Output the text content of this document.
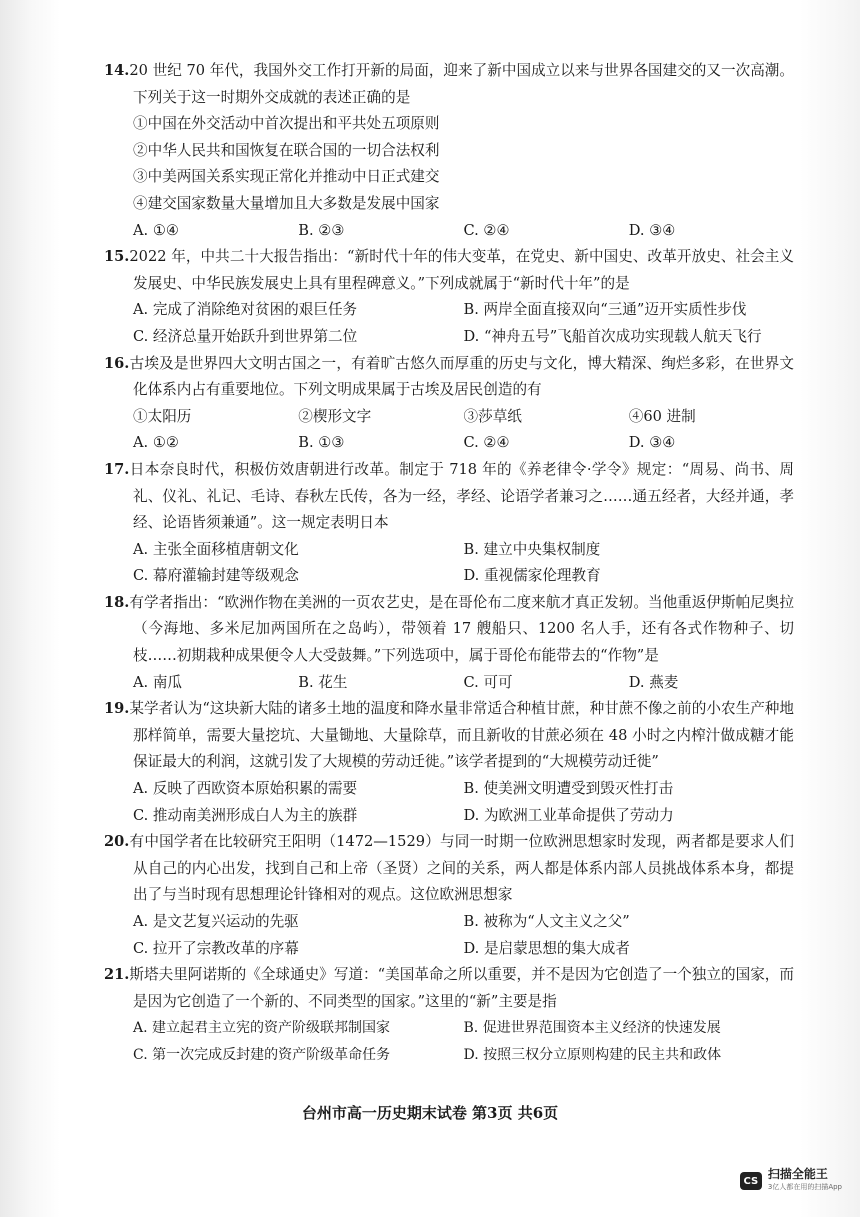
14.20 世纪 70 年代，我国外交工作打开新的局面，迎来了新中国成立以来与世界各国建交的又一次高潮。下列关于这一时期外交成就的表述正确的是

①中国在外交活动中首次提出和平共处五项原则

②中华人民共和国恢复在联合国的一切合法权利

③中美两国关系实现正常化并推动中日正式建交

④建交国家数量大量增加且大多数是发展中国家

A. ①④	B. ②③	C. ②④	D. ③④

15.2022 年，中共二十大报告指出：“新时代十年的伟大变革，在党史、新中国史、改革开放史、社会主义发展史、中华民族发展史上具有里程碑意义。”下列成就属于“新时代十年”的是

A. 完成了消除绝对贫困的艰巨任务	B. 两岸全面直接双向“三通”迈开实质性步伐
C. 经济总量开始跃升到世界第二位	D. “神舟五号”飞船首次成功实现载人航天飞行

16.古埃及是世界四大文明古国之一，有着旷古悠久而厚重的历史与文化，博大精深、绚烂多彩，在世界文化体系内占有重要地位。下列文明成果属于古埃及居民创造的有

①太阳历	②楔形文字	③莎草纸	④60 进制
A. ①②	B. ①③	C. ②④	D. ③④

17.日本奈良时代，积极仿效唐朝进行改革。制定于 718 年的《养老律令·学令》规定：“周易、尚书、周礼、仪礼、礼记、毛诗、春秋左氏传，各为一经，孝经、论语学者兼习之……通五经者，大经并通，孝经、论语皆须兼通”。这一规定表明日本

A. 主张全面移植唐朝文化	B. 建立中央集权制度
C. 幕府灌输封建等级观念	D. 重视儒家伦理教育

18.有学者指出：“欧洲作物在美洲的一页农艺史，是在哥伦布二度来航才真正发轫。当他重返伊斯帕尼奥拉（今海地、多米尼加两国所在之岛屿），带领着 17 艘船只、1200 名人手，还有各式作物种子、切枝……初期栽种成果便令人大受鼓舞。”下列选项中，属于哥伦布能带去的“作物”是

A. 南瓜	B. 花生	C. 可可	D. 燕麦

19.某学者认为“这块新大陆的诸多土地的温度和降水量非常适合种植甘蔗，种甘蔗不像之前的小农生产种地那样简单，需要大量挖坑、大量锄地、大量除草，而且新收的甘蔗必须在 48 小时之内榨汁做成糖才能保证最大的利润，这就引发了大规模的劳动迁徙。”该学者提到的“大规模劳动迁徙”

A. 反映了西欧资本原始积累的需要	B. 使美洲文明遭受到毁灭性打击
C. 推动南美洲形成白人为主的族群	D. 为欧洲工业革命提供了劳动力

20.有中国学者在比较研究王阳明（1472—1529）与同一时期一位欧洲思想家时发现，两者都是要求人们从自己的内心出发，找到自己和上帝（圣贤）之间的关系，两人都是体系内部人员挑战体系本身，都提出了与当时现有思想理论针锋相对的观点。这位欧洲思想家

A. 是文艺复兴运动的先驱	B. 被称为“人文主义之父”
C. 拉开了宗教改革的序幕	D. 是启蒙思想的集大成者

21.斯塔夫里阿诺斯的《全球通史》写道：“美国革命之所以重要，并不是因为它创造了一个独立的国家，而是因为它创造了一个新的、不同类型的国家。”这里的“新”主要是指

A. 建立起君主立宪的资产阶级联邦制国家	B. 促进世界范围资本主义经济的快速发展
C. 第一次完成反封建的资产阶级革命任务	D. 按照三权分立原则构建的民主共和政体
台州市高一历史期末试卷 第3页 共6页
CS 扫描全能王
3亿人都在用的扫描App
